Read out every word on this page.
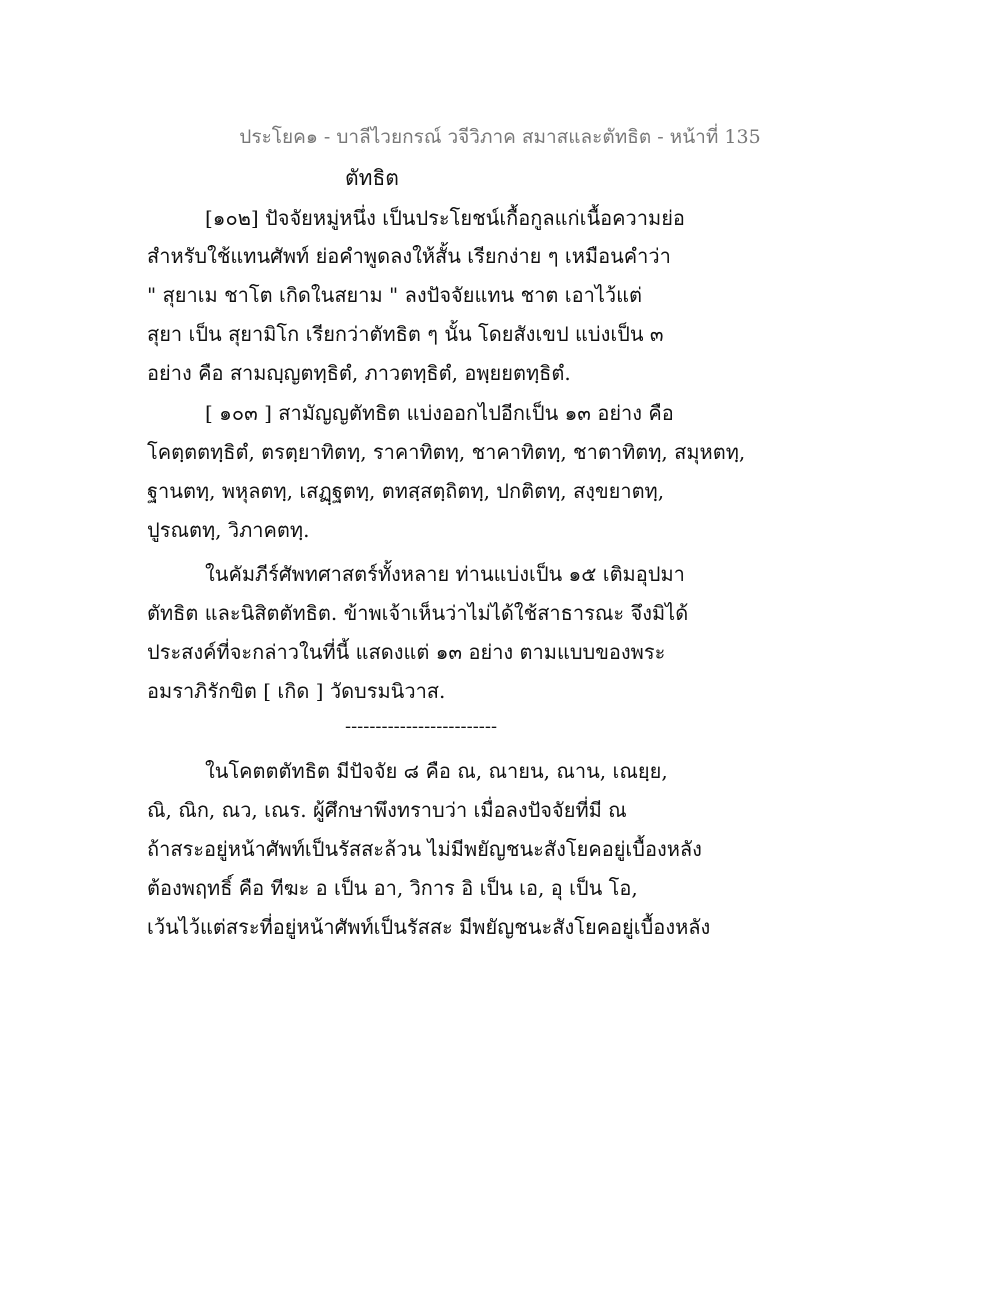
ประโยค๑ - บาลีไวยกรณ์ วจีวิภาค สมาสและตัทธิต - หน้าที่ 135
ตัทธิต
[๑๐๒] ปัจจัยหมู่หนึ่ง เป็นประโยชน์เกื้อกูลแก่เนื้อความย่อ
สำหรับใช้แทนศัพท์ ย่อคำพูดลงให้สั้น เรียกง่าย ๆ เหมือนคำว่า
" สุยาเม ชาโต เกิดในสยาม " ลงปัจจัยแทน ชาต เอาไว้แต่
สุยา เป็น สุยามิโก เรียกว่าตัทธิต ๆ นั้น โดยสังเขป แบ่งเป็น ๓
อย่าง คือ สามญฺญตทฺธิตํ, ภาวตทฺธิตํ, อพฺยยตทฺธิตํ.
[ ๑๐๓ ] สามัญญตัทธิต แบ่งออกไปอีกเป็น ๑๓ อย่าง คือ
โคตฺตตทฺธิตํ, ตรตฺยาทิตทฺ, ราคาทิตทฺ, ชาคาทิตทฺ, ชาตาทิตทฺ, สมุหตทฺ,
ฐานตทฺ, พหุลตทฺ, เสฏฺฐตทฺ, ตทสฺสตฺถิตทฺ, ปกติตทฺ, สงฺขยาตทฺ,
ปูรณตทฺ, วิภาคตทฺ.
ในคัมภีร์ศัพทศาสตร์ทั้งหลาย ท่านแบ่งเป็น ๑๕ เติมอุปมา
ตัทธิต และนิสิตตัทธิต. ข้าพเจ้าเห็นว่าไม่ได้ใช้สาธารณะ จึงมิได้
ประสงค์ที่จะกล่าวในที่นี้ แสดงแต่ ๑๓ อย่าง ตามแบบของพระ
อมราภิรักขิต [ เกิด ] วัดบรมนิวาส.
-------------------------
ในโคตตตัทธิต มีปัจจัย ๘ คือ ณ, ณายน, ณาน, เณยฺย,
ณิ, ณิก, ณว, เณร. ผู้ศึกษาพึงทราบว่า เมื่อลงปัจจัยที่มี ณ
ถ้าสระอยู่หน้าศัพท์เป็นรัสสะล้วน ไม่มีพยัญชนะสังโยคอยู่เบื้องหลัง
ต้องพฤทธิ์ คือ ทีฆะ อ เป็น อา, วิการ อิ เป็น เอ, อุ เป็น โอ,
เว้นไว้แต่สระที่อยู่หน้าศัพท์เป็นรัสสะ มีพยัญชนะสังโยคอยู่เบื้องหลัง
